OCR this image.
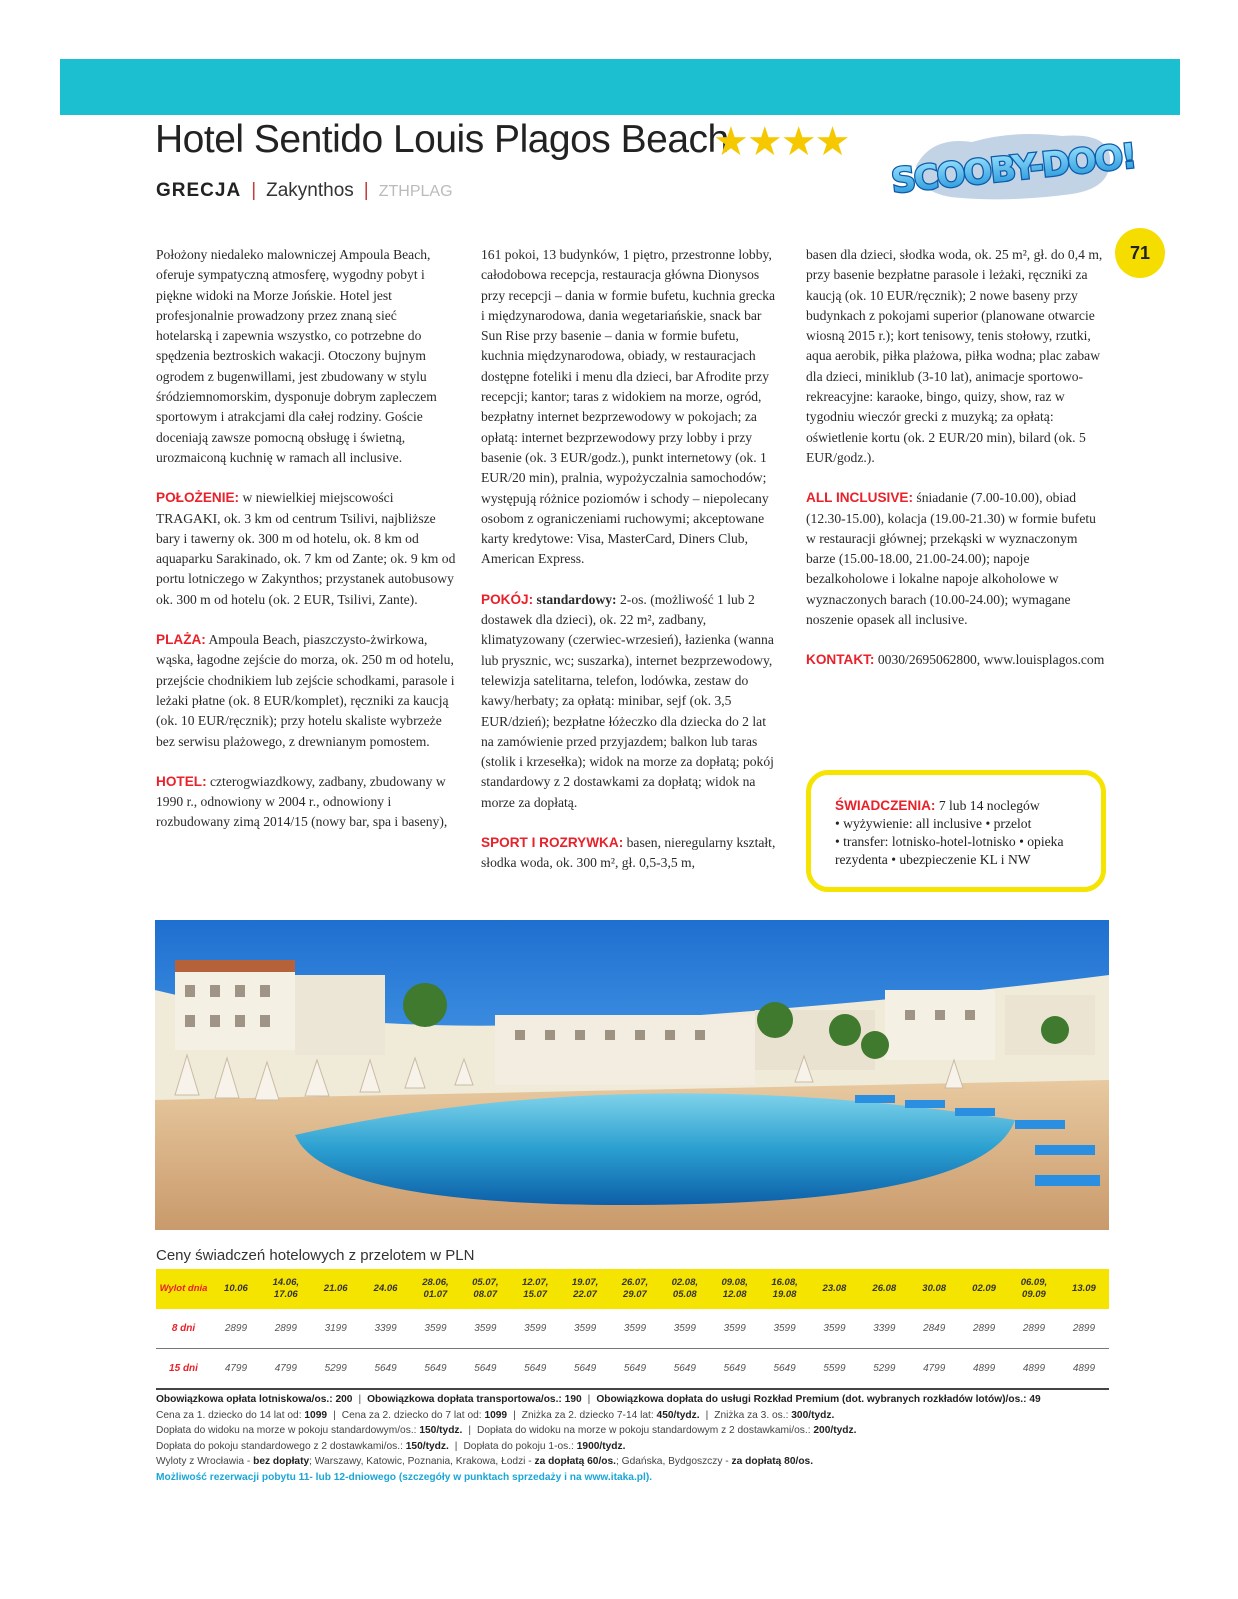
Hotel Sentido Louis Plagos Beach
★★★★
GRECJA | Zakynthos | ZTHPLAG	SCOOBY-DOO!
71

Położony niedaleko malowniczej Ampoula Beach, oferuje sympatyczną atmosferę, wygodny pobyt i piękne widoki na Morze Jońskie. Hotel jest profesjonalnie prowadzony przez znaną sieć hotelarską i zapewnia wszystko, co potrzebne do spędzenia beztroskich wakacji. Otoczony bujnym ogrodem z bugenwillami, jest zbudowany w stylu śródziemnomorskim, dysponuje dobrym zapleczem sportowym i atrakcjami dla całej rodziny. Goście doceniają zawsze pomocną obsługę i świetną, urozmaiconą kuchnię w ramach all inclusive.

POŁOŻENIE: w niewielkiej miejscowości TRAGAKI, ok. 3 km od centrum Tsilivi, najbliższe bary i tawerny ok. 300 m od hotelu, ok. 8 km od aquaparku Sarakinado, ok. 7 km od Zante; ok. 9 km od portu lotniczego w Zakynthos; przystanek autobusowy ok. 300 m od hotelu (ok. 2 EUR, Tsilivi, Zante).

PLAŻA: Ampoula Beach, piaszczysto-żwirkowa, wąska, łagodne zejście do morza, ok. 250 m od hotelu, przejście chodnikiem lub zejście schodkami, parasole i leżaki płatne (ok. 8 EUR/komplet), ręczniki za kaucją (ok. 10 EUR/ręcznik); przy hotelu skaliste wybrzeże bez serwisu plażowego, z drewnianym pomostem.

HOTEL: czterogwiazdkowy, zadbany, zbudowany w 1990 r., odnowiony w 2004 r., odnowiony i rozbudowany zimą 2014/15 (nowy bar, spa i baseny),

161 pokoi, 13 budynków, 1 piętro, przestronne lobby, całodobowa recepcja, restauracja główna Dionysos przy recepcji – dania w formie bufetu, kuchnia grecka i międzynarodowa, dania wegetariańskie, snack bar Sun Rise przy basenie – dania w formie bufetu, kuchnia międzynarodowa, obiady, w restauracjach dostępne foteliki i menu dla dzieci, bar Afrodite przy recepcji; kantor; taras z widokiem na morze, ogród, bezpłatny internet bezprzewodowy w pokojach; za opłatą: internet bezprzewodowy przy lobby i przy basenie (ok. 3 EUR/godz.), punkt internetowy (ok. 1 EUR/20 min), pralnia, wypożyczalnia samochodów; występują różnice poziomów i schody – niepolecany osobom z ograniczeniami ruchowymi; akceptowane karty kredytowe: Visa, MasterCard, Diners Club, American Express.

POKÓJ: standardowy: 2-os. (możliwość 1 lub 2 dostawek dla dzieci), ok. 22 m², zadbany, klimatyzowany (czerwiec-wrzesień), łazienka (wanna lub prysznic, wc; suszarka), internet bezprzewodowy, telewizja satelitarna, telefon, lodówka, zestaw do kawy/herbaty; za opłatą: minibar, sejf (ok. 3,5 EUR/dzień); bezpłatne łóżeczko dla dziecka do 2 lat na zamówienie przed przyjazdem; balkon lub taras (stolik i krzesełka); widok na morze za dopłatą; pokój standardowy z 2 dostawkami za dopłatą; widok na morze za dopłatą.

SPORT I ROZRYWKA: basen, nieregularny kształt, słodka woda, ok. 300 m², gł. 0,5-3,5 m,

basen dla dzieci, słodka woda, ok. 25 m², gł. do 0,4 m, przy basenie bezpłatne parasole i leżaki, ręczniki za kaucją (ok. 10 EUR/ręcznik); 2 nowe baseny przy budynkach z pokojami superior (planowane otwarcie wiosną 2015 r.); kort tenisowy, tenis stołowy, rzutki, aqua aerobik, piłka plażowa, piłka wodna; plac zabaw dla dzieci, miniklub (3-10 lat), animacje sportowo-rekreacyjne: karaoke, bingo, quizy, show, raz w tygodniu wieczór grecki z muzyką; za opłatą: oświetlenie kortu (ok. 2 EUR/20 min), bilard (ok. 5 EUR/godz.).

ALL INCLUSIVE: śniadanie (7.00-10.00), obiad (12.30-15.00), kolacja (19.00-21.30) w formie bufetu w restauracji głównej; przekąski w wyznaczonym barze (15.00-18.00, 21.00-24.00); napoje bezalkoholowe i lokalne napoje alkoholowe w wyznaczonych barach (10.00-24.00); wymagane noszenie opasek all inclusive.

KONTAKT: 0030/2695062800, www.louisplagos.com

ŚWIADCZENIA: 7 lub 14 noclegów
• wyżywienie: all inclusive • przelot
• transfer: lotnisko-hotel-lotnisko • opieka rezydenta • ubezpieczenie KL i NW
Ceny świadczeń hotelowych z przelotem w PLN
Wylot dnia	10.06	14.06, 17.06	21.06	24.06	28.06, 01.07	05.07, 08.07	12.07, 15.07	19.07, 22.07	26.07, 29.07	02.08, 05.08	09.08, 12.08	16.08, 19.08	23.08	26.08	30.08	02.09	06.09, 09.09	13.09
8 dni	2899	2899	3199	3399	3599	3599	3599	3599	3599	3599	3599	3599	3599	3399	2849	2899	2899	2899
15 dni	4799	4799	5299	5649	5649	5649	5649	5649	5649	5649	5649	5649	5599	5299	4799	4899	4899	4899
Obowiązkowa opłata lotniskowa/os.: 200 | Obowiązkowa dopłata transportowa/os.: 190 | Obowiązkowa dopłata do usługi Rozkład Premium (dot. wybranych rozkładów lotów)/os.: 49
Cena za 1. dziecko do 14 lat od: 1099 | Cena za 2. dziecko do 7 lat od: 1099 | Zniżka za 2. dziecko 7-14 lat: 450/tydz. | Zniżka za 3. os.: 300/tydz.
Dopłata do widoku na morze w pokoju standardowym/os.: 150/tydz. | Dopłata do widoku na morze w pokoju standardowym z 2 dostawkami/os.: 200/tydz.
Dopłata do pokoju standardowego z 2 dostawkami/os.: 150/tydz. | Dopłata do pokoju 1-os.: 1900/tydz.
Wyloty z Wrocławia - bez dopłaty; Warszawy, Katowic, Poznania, Krakowa, Łodzi - za dopłatą 60/os.; Gdańska, Bydgoszczy - za dopłatą 80/os.
Możliwość rezerwacji pobytu 11- lub 12-dniowego (szczegóły w punktach sprzedaży i na www.itaka.pl).
